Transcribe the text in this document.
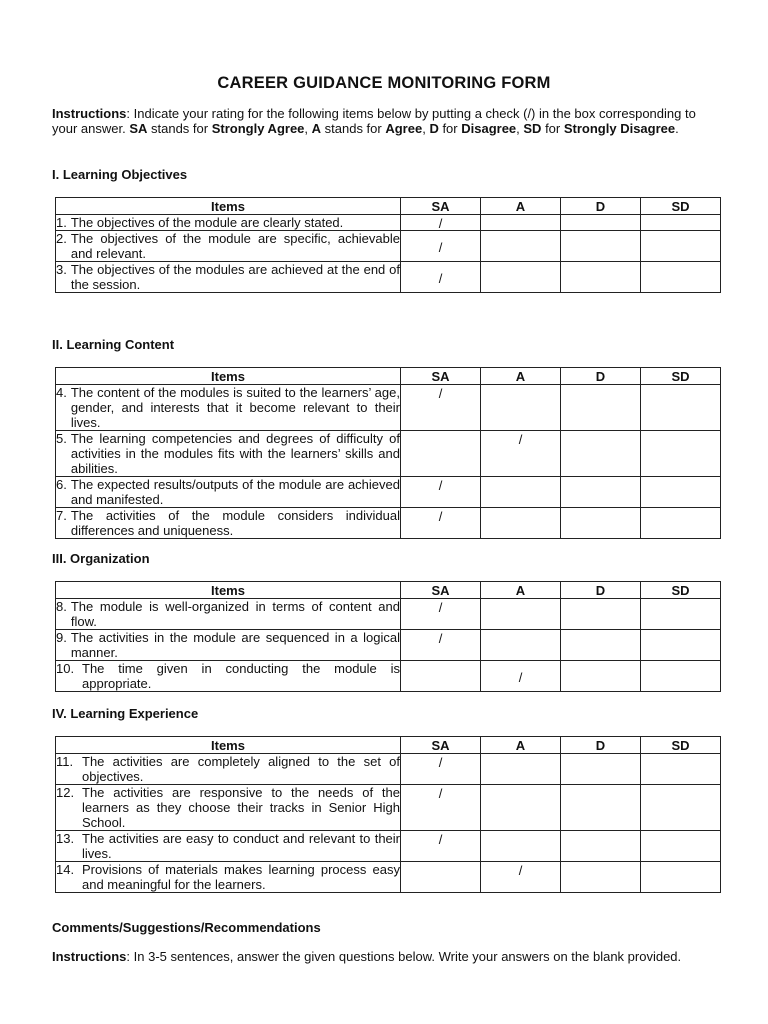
CAREER GUIDANCE MONITORING FORM
Instructions: Indicate your rating for the following items below by putting a check (/) in the box corresponding to your answer. SA stands for Strongly Agree, A stands for Agree, D for Disagree, SD for Strongly Disagree.
I. Learning Objectives
Items	SA	A	D	SD

1. The objectives of the module are clearly stated.	/			

2. The objectives of the module are specific, achievable and relevant.	/			

3. The objectives of the modules are achieved at the end of the session.	/			
II. Learning Content
Items	SA	A	D	SD

4. The content of the modules is suited to the learners’ age, gender, and interests that it become relevant to their lives.	/			

5. The learning competencies and degrees of difficulty of activities in the modules fits with the learners’ skills and abilities.		/		

6. The expected results/outputs of the module are achieved and manifested.	/			

7. The activities of the module considers individual differences and uniqueness.	/			
III. Organization
Items	SA	A	D	SD

8. The module is well-organized in terms of content and flow.	/			

9. The activities in the module are sequenced in a logical manner.	/			

10. The time given in conducting the module is appropriate.		/		
IV. Learning Experience
Items	SA	A	D	SD

11. The activities are completely aligned to the set of objectives.	/			

12. The activities are responsive to the needs of the learners as they choose their tracks in Senior High School.	/			

13. The activities are easy to conduct and relevant to their lives.	/			

14. Provisions of materials makes learning process easy and meaningful for the learners.		/		
Comments/Suggestions/Recommendations
Instructions: In 3-5 sentences, answer the given questions below. Write your answers on the blank provided.
